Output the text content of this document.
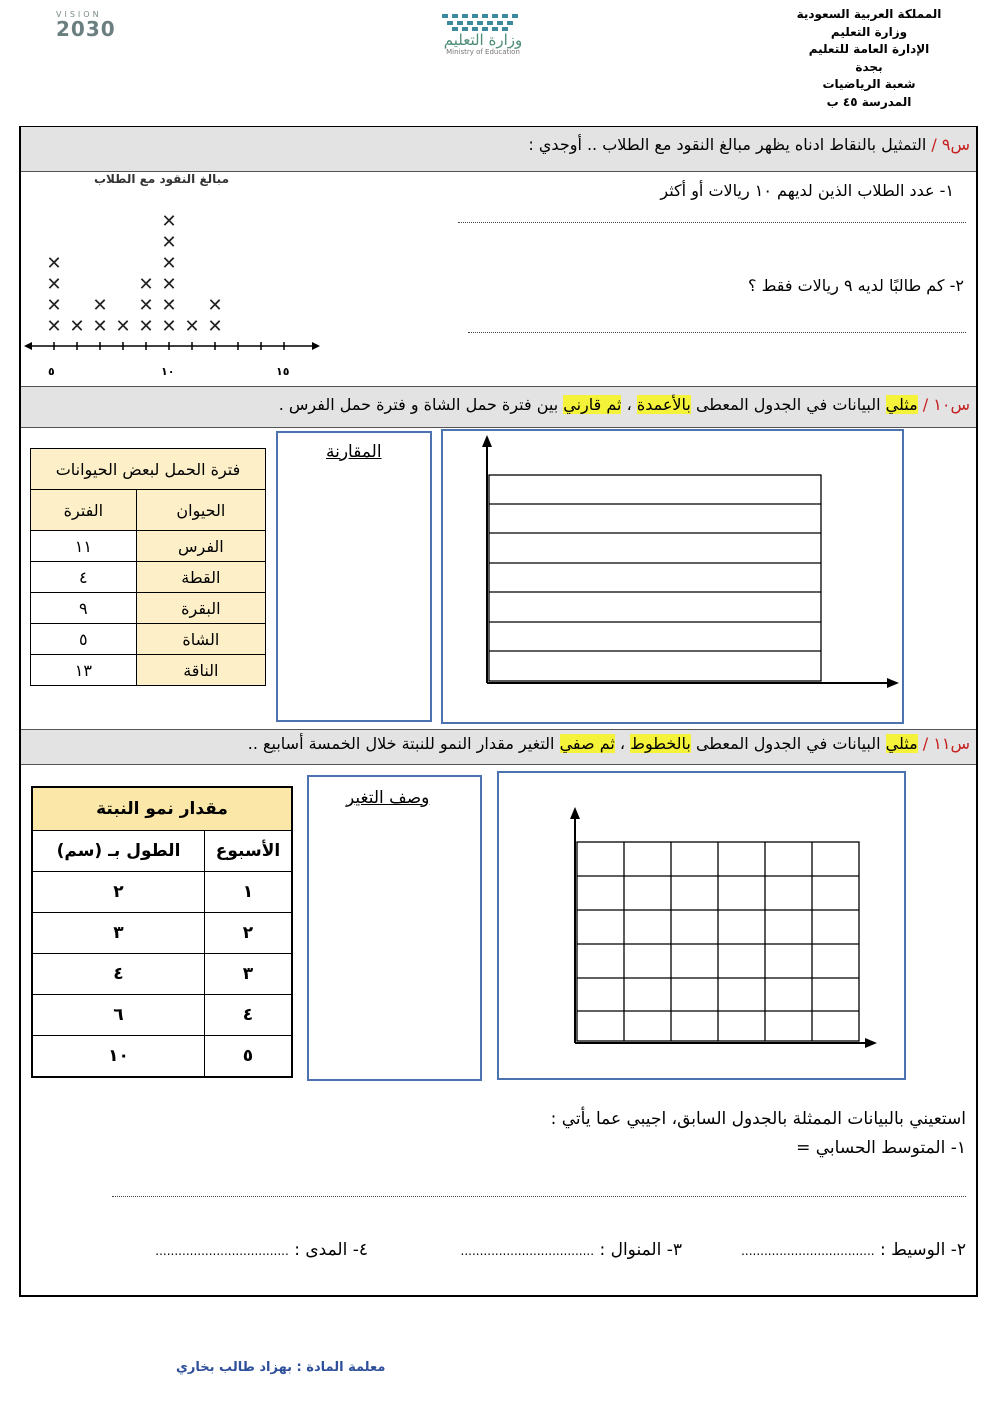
المملكة العربية السعودية
وزارة التعليم
الإدارة العامة للتعليم بجدة
شعبة الرياضيات
المدرسة ٤٥ ب
VISION
2030	وزارة التعليم
Ministry of Education
س٩ / التمثيل بالنقاط ادناه يظهر مبالغ النقود مع الطلاب .. أوجدي :
١- عدد الطلاب الذين لديهم ١٠ ريالات أو أكثر
٢- كم طالبًا لديه ٩ ريالات فقط ؟
مبالغ النقود مع الطلاب
٥	١٠	١٥
✕
✕
✕
✕
✕ ✕
✕
✕ ✕
✕
✕
✕
✕
✕
✕
✕
✕
✕ ✕
✕
س١٠ / مثلي البيانات في الجدول المعطى بالأعمدة ، ثم قارني بين فترة حمل الشاة و فترة حمل الفرس .
فترة الحمل لبعض الحيوانات	
الحيوان	الفترة
الفرس	١١
القطة	٤
البقرة	٩
الشاة	٥
الناقة	١٣
المقارنة
س١١ / مثلي البيانات في الجدول المعطى بالخطوط ، ثم صفي التغير مقدار النمو للنبتة خلال الخمسة أسابيع ..
مقدار نمو النبتة	
الأسبوع	الطول بـ (سم)
١	٢
٢	٣
٣	٤
٤	٦
٥	١٠
وصف التغير
استعيني بالبيانات الممثلة بالجدول السابق، اجيبي عما يأتي :
١- المتوسط الحسابي =
٢- الوسيط : ...................................
٣- المنوال : ...................................
٤- المدى : ...................................
معلمة المادة : بهزاد طالب بخاري
